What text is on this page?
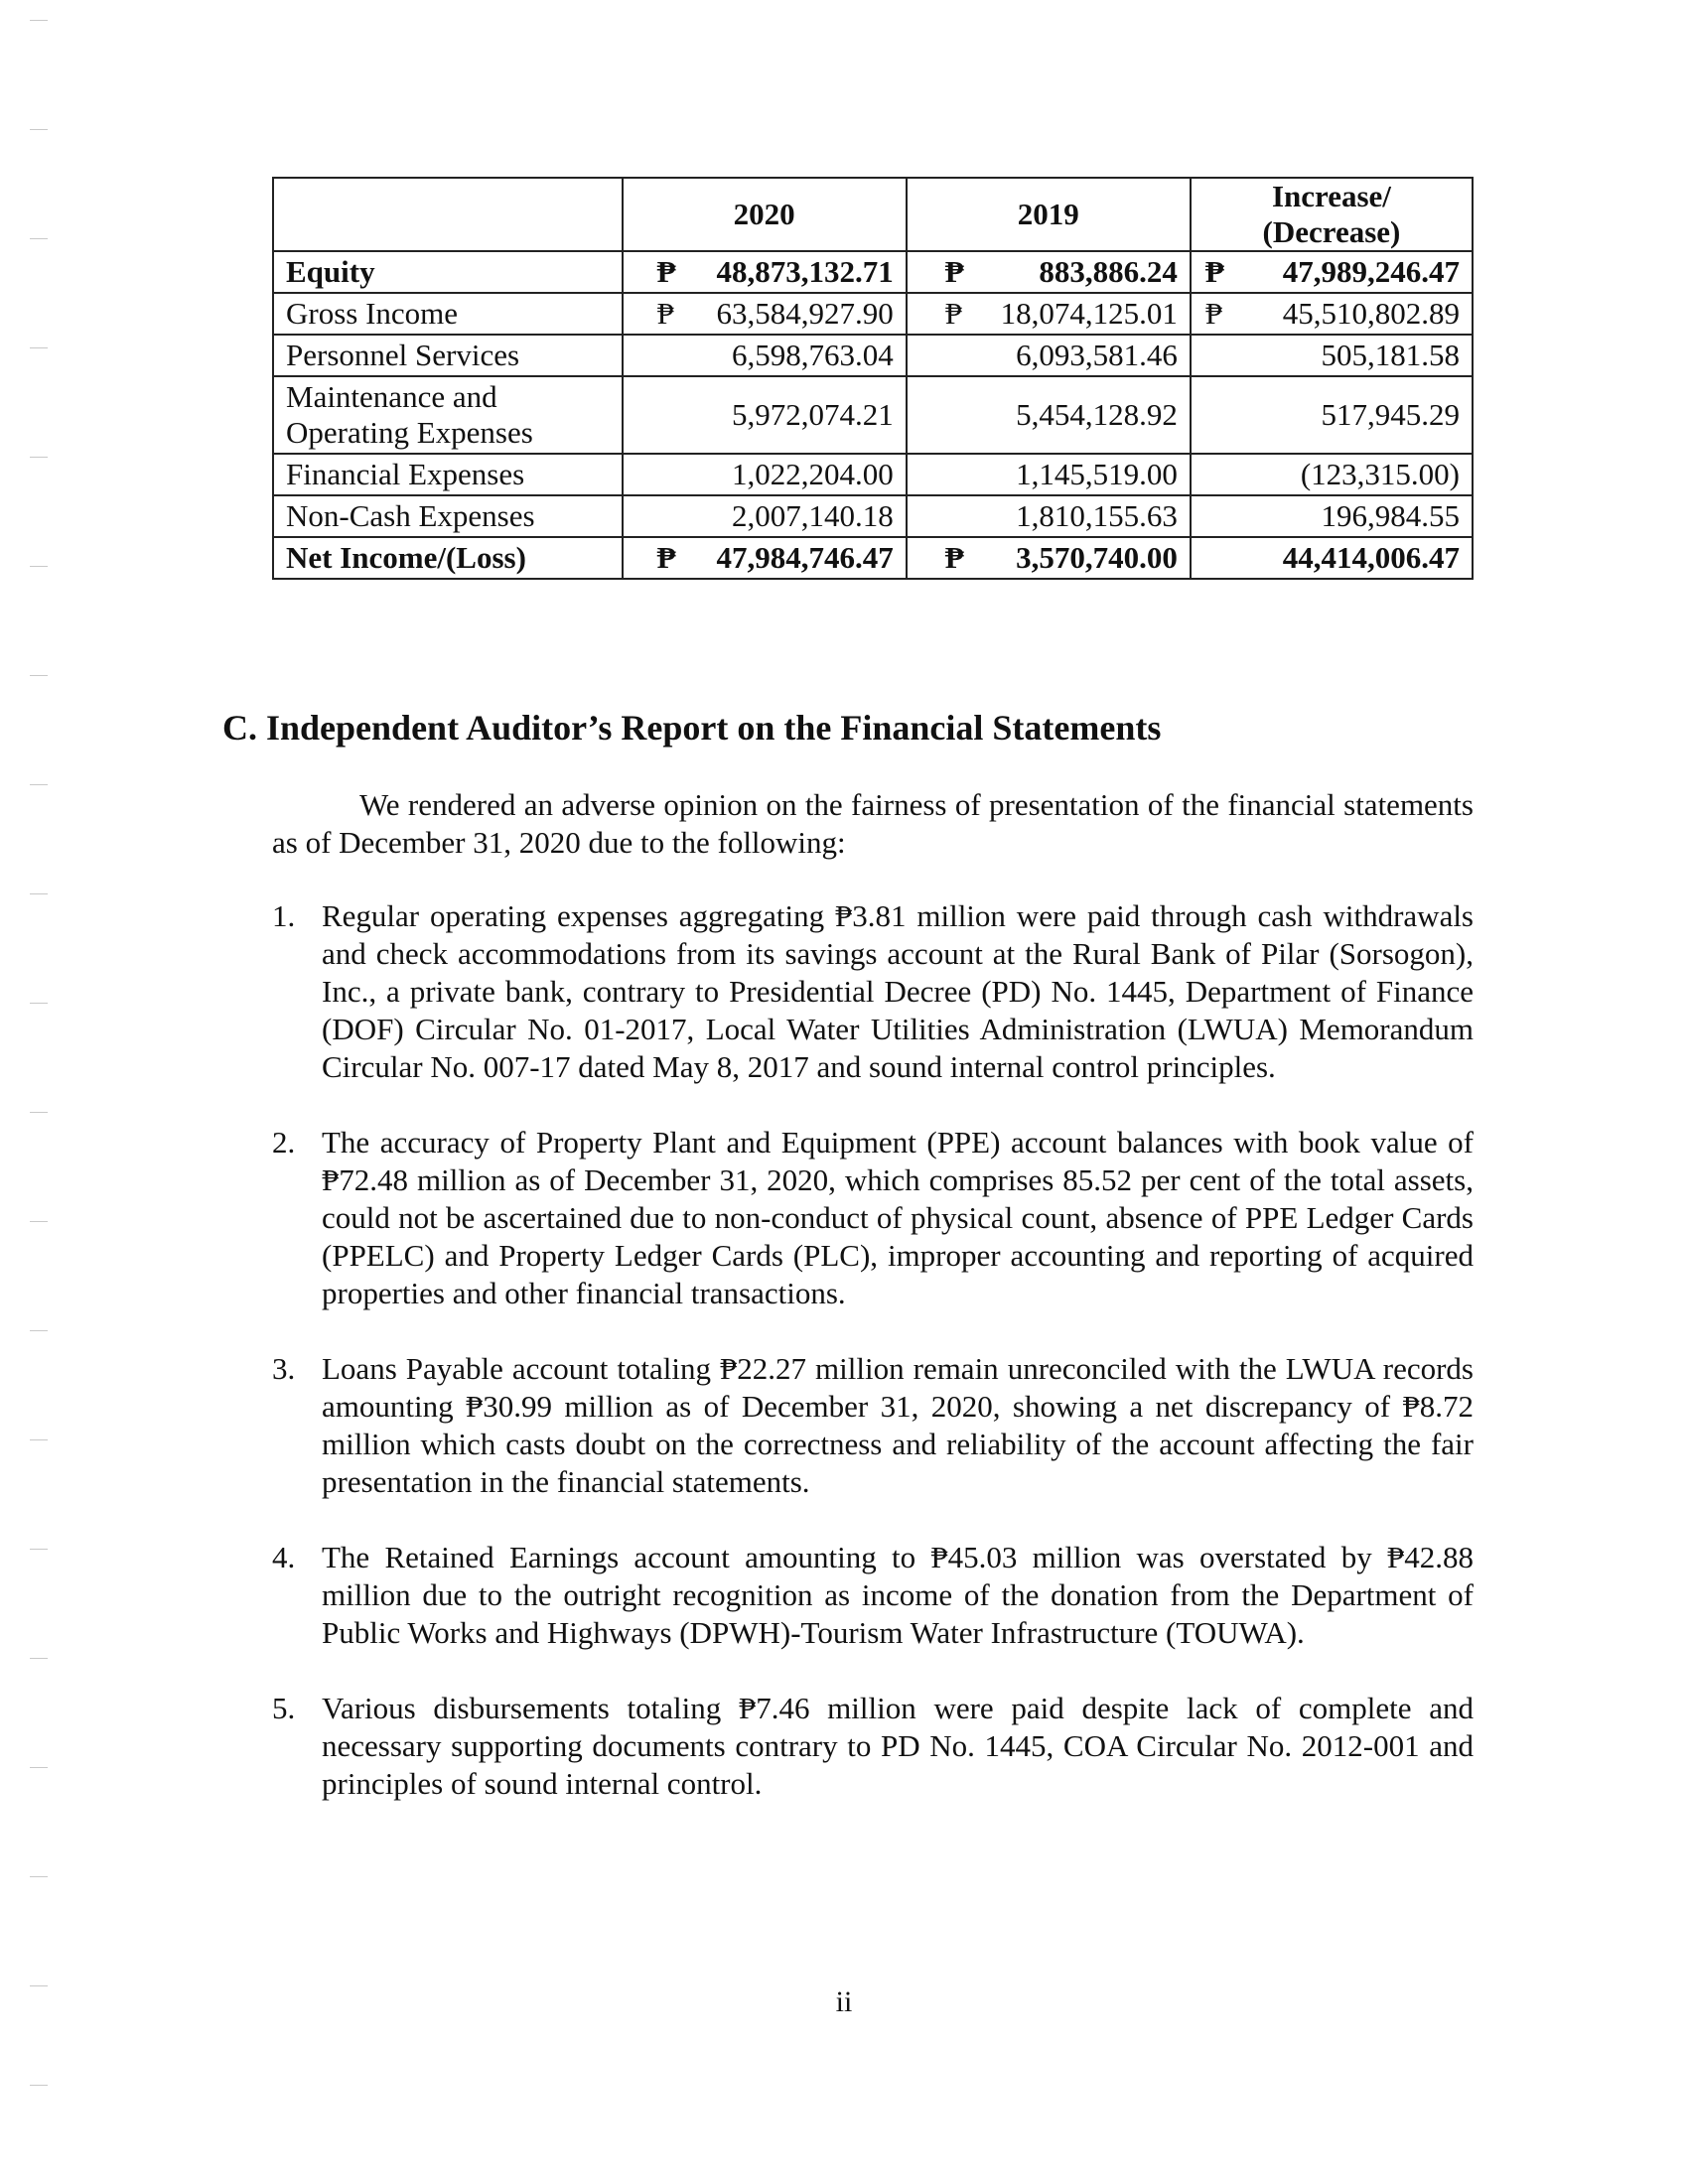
	2020	2019	Increase/ (Decrease)
Equity	₱ 48,873,132.71	₱ 883,886.24	₱ 47,989,246.47
Gross Income	₱ 63,584,927.90	₱ 18,074,125.01	₱ 45,510,802.89
Personnel Services	6,598,763.04	6,093,581.46	505,181.58
Maintenance and Operating Expenses	5,972,074.21	5,454,128.92	517,945.29
Financial Expenses	1,022,204.00	1,145,519.00	(123,315.00)
Non-Cash Expenses	2,007,140.18	1,810,155.63	196,984.55
Net Income/(Loss)	₱ 47,984,746.47	₱ 3,570,740.00	44,414,006.47
C. Independent Auditor’s Report on the Financial Statements

We rendered an adverse opinion on the fairness of presentation of the financial statements as of December 31, 2020 due to the following:

1. Regular operating expenses aggregating ₱3.81 million were paid through cash withdrawals and check accommodations from its savings account at the Rural Bank of Pilar (Sorsogon), Inc., a private bank, contrary to Presidential Decree (PD) No. 1445, Department of Finance (DOF) Circular No. 01-2017, Local Water Utilities Administration (LWUA) Memorandum Circular No. 007-17 dated May 8, 2017 and sound internal control principles.
2. The accuracy of Property Plant and Equipment (PPE) account balances with book value of ₱72.48 million as of December 31, 2020, which comprises 85.52 per cent of the total assets, could not be ascertained due to non-conduct of physical count, absence of PPE Ledger Cards (PPELC) and Property Ledger Cards (PLC), improper accounting and reporting of acquired properties and other financial transactions.
3. Loans Payable account totaling ₱22.27 million remain unreconciled with the LWUA records amounting ₱30.99 million as of December 31, 2020, showing a net discrepancy of ₱8.72 million which casts doubt on the correctness and reliability of the account affecting the fair presentation in the financial statements.
4. The Retained Earnings account amounting to ₱45.03 million was overstated by ₱42.88 million due to the outright recognition as income of the donation from the Department of Public Works and Highways (DPWH)-Tourism Water Infrastructure (TOUWA).
5. Various disbursements totaling ₱7.46 million were paid despite lack of complete and necessary supporting documents contrary to PD No. 1445, COA Circular No. 2012-001 and principles of sound internal control.
ii
